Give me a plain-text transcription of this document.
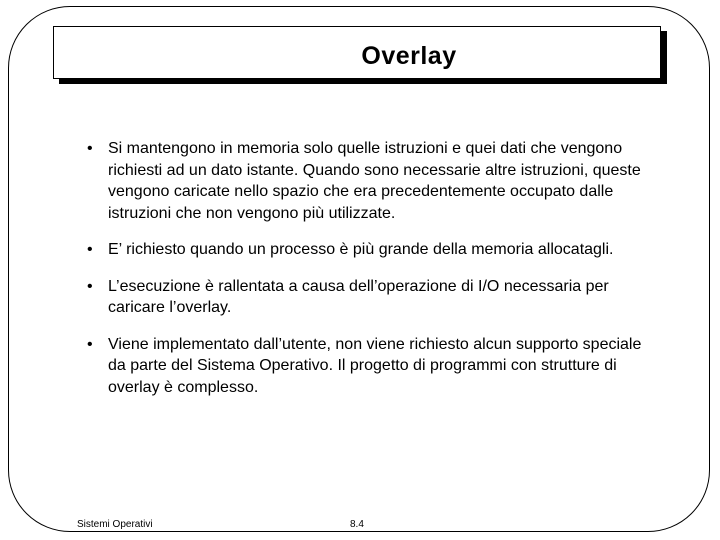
Overlay
• Si mantengono in memoria solo quelle istruzioni e quei dati che vengono richiesti ad un dato istante. Quando sono necessarie altre istruzioni, queste vengono caricate nello spazio che era precedentemente occupato dalle istruzioni che non vengono più utilizzate.
• E’ richiesto quando un processo è più grande della memoria allocatagli.
• L’esecuzione è rallentata a causa dell’operazione di I/O necessaria per caricare l’overlay.
• Viene implementato dall’utente, non viene richiesto alcun supporto speciale da parte del Sistema Operativo. Il progetto di programmi con strutture di overlay è complesso.
Sistemi Operativi	8.4
